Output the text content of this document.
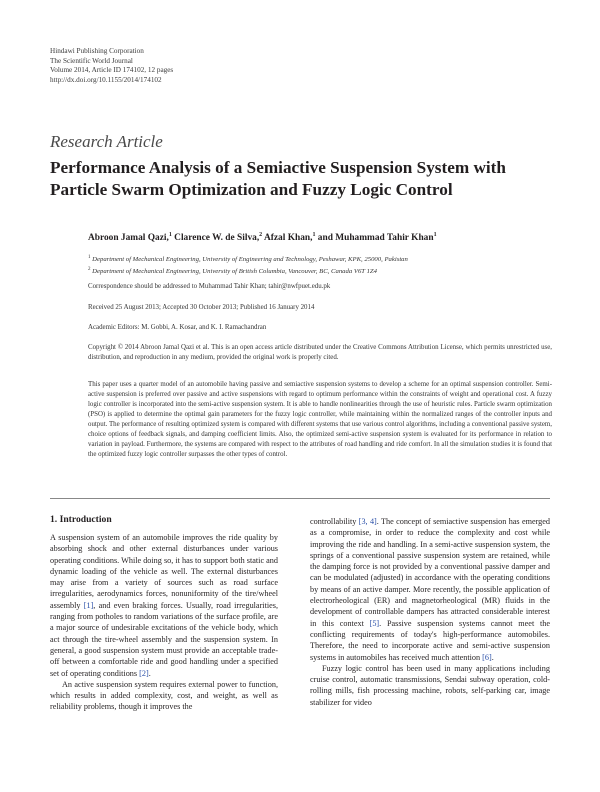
Hindawi Publishing Corporation
The Scientific World Journal
Volume 2014, Article ID 174102, 12 pages
http://dx.doi.org/10.1155/2014/174102
Research Article
Performance Analysis of a Semiactive Suspension System with
Particle Swarm Optimization and Fuzzy Logic Control
Abroon Jamal Qazi,$^1$ Clarence W. de Silva,$^2$ Afzal Khan,$^1$ and Muhammad Tahir Khan$^1$
$^1$ Department of Mechanical Engineering, University of Engineering and Technology, Peshawar, KPK, 25000, Pakistan
$^2$ Department of Mechanical Engineering, University of British Columbia, Vancouver, BC, Canada V6T 1Z4
Correspondence should be addressed to Muhammad Tahir Khan; tahir@nwfpuet.edu.pk
Received 25 August 2013; Accepted 30 October 2013; Published 16 January 2014
Academic Editors: M. Gobbi, A. Kosar, and K. I. Ramachandran
Copyright © 2014 Abroon Jamal Qazi et al. This is an open access article distributed under the Creative Commons Attribution License, which permits unrestricted use, distribution, and reproduction in any medium, provided the original work is properly cited.
This paper uses a quarter model of an automobile having passive and semiactive suspension systems to develop a scheme for an optimal suspension controller. Semi-active suspension is preferred over passive and active suspensions with regard to optimum performance within the constraints of weight and operational cost. A fuzzy logic controller is incorporated into the semi-active suspension system. It is able to handle nonlinearities through the use of heuristic rules. Particle swarm optimization (PSO) is applied to determine the optimal gain parameters for the fuzzy logic controller, while maintaining within the normalized ranges of the controller inputs and output. The performance of resulting optimized system is compared with different systems that use various control algorithms, including a conventional passive system, choice options of feedback signals, and damping coefficient limits. Also, the optimized semi-active suspension system is evaluated for its performance in relation to variation in payload. Furthermore, the systems are compared with respect to the attributes of road handling and ride comfort. In all the simulation studies it is found that the optimized fuzzy logic controller surpasses the other types of control.
1. Introduction

A suspension system of an automobile improves the ride quality by absorbing shock and other external disturbances under various operating conditions. While doing so, it has to support both static and dynamic loading of the vehicle as well. The external disturbances may arise from a variety of sources such as road surface irregularities, aerodynamics forces, nonuniformity of the tire/wheel assembly [1], and even braking forces. Usually, road irregularities, ranging from potholes to random variations of the surface profile, are a major source of undesirable excitations of the vehicle body, which act through the tire-wheel assembly and the suspension system. In general, a good suspension system must provide an acceptable trade-off between a comfortable ride and good handling under a specified set of operating conditions [2].

An active suspension system requires external power to function, which results in added complexity, cost, and weight, as well as reliability problems, though it improves the

controllability [3, 4]. The concept of semiactive suspension has emerged as a compromise, in order to reduce the complexity and cost while improving the ride and handling. In a semi-active suspension system, the springs of a conventional passive suspension system are retained, while the damping force is not provided by a conventional passive damper and can be modulated (adjusted) in accordance with the operating conditions by means of an active damper. More recently, the possible application of electrorheological (ER) and magnetorheological (MR) fluids in the development of controllable dampers has attracted considerable interest in this context [5]. Passive suspension systems cannot meet the conflicting requirements of today's high-performance automobiles. Therefore, the need to incorporate active and semi-active suspension systems in automobiles has received much attention [6].

Fuzzy logic control has been used in many applications including cruise control, automatic transmissions, Sendai subway operation, cold-rolling mills, fish processing machine, robots, self-parking car, image stabilizer for video
